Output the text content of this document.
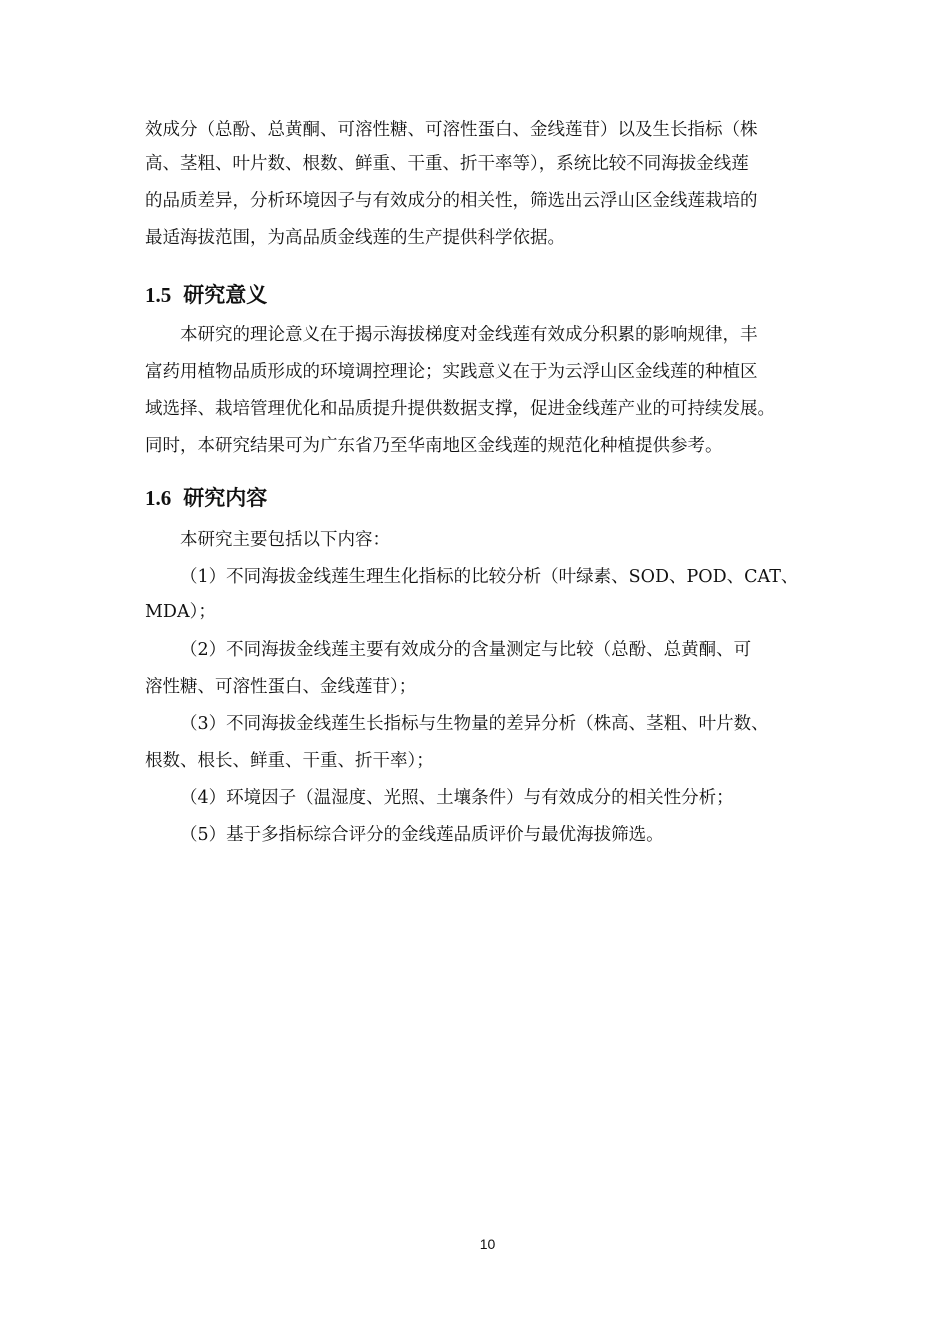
效成分（总酚、总黄酮、可溶性糖、可溶性蛋白、金线莲苷）以及生长指标（株
高、茎粗、叶片数、根数、鲜重、干重、折干率等），系统比较不同海拔金线莲
的品质差异，分析环境因子与有效成分的相关性，筛选出云浮山区金线莲栽培的
最适海拔范围，为高品质金线莲的生产提供科学依据。
1.5 研究意义
本研究的理论意义在于揭示海拔梯度对金线莲有效成分积累的影响规律，丰
富药用植物品质形成的环境调控理论；实践意义在于为云浮山区金线莲的种植区
域选择、栽培管理优化和品质提升提供数据支撑，促进金线莲产业的可持续发展。
同时，本研究结果可为广东省乃至华南地区金线莲的规范化种植提供参考。
1.6 研究内容
本研究主要包括以下内容：
（1）不同海拔金线莲生理生化指标的比较分析（叶绿素、SOD、POD、CAT、
MDA）；
（2）不同海拔金线莲主要有效成分的含量测定与比较（总酚、总黄酮、可
溶性糖、可溶性蛋白、金线莲苷）；
（3）不同海拔金线莲生长指标与生物量的差异分析（株高、茎粗、叶片数、
根数、根长、鲜重、干重、折干率）；
（4）环境因子（温湿度、光照、土壤条件）与有效成分的相关性分析；
（5）基于多指标综合评分的金线莲品质评价与最优海拔筛选。
10
